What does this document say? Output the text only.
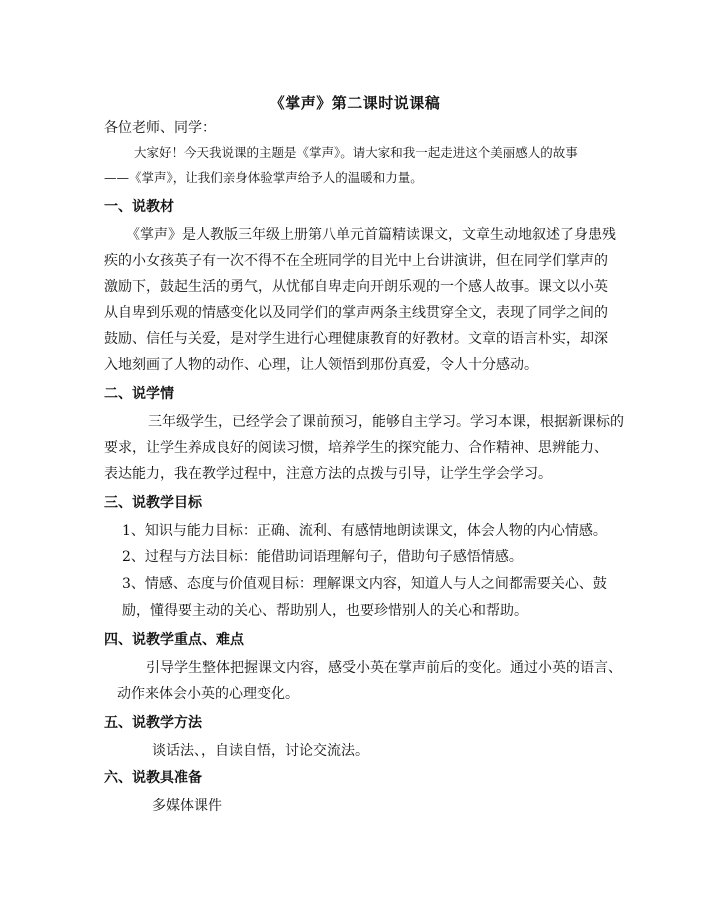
《掌声》第二课时说课稿
各位老师、同学：
大家好！今天我说课的主题是《掌声》。请大家和我一起走进这个美丽感人的故事
——《掌声》，让我们亲身体验掌声给予人的温暖和力量。
一、说教材
《掌声》是人教版三年级上册第八单元首篇精读课文，文章生动地叙述了身患残
疾的小女孩英子有一次不得不在全班同学的目光中上台讲演讲，但在同学们掌声的
激励下，鼓起生活的勇气，从忧郁自卑走向开朗乐观的一个感人故事。课文以小英
从自卑到乐观的情感变化以及同学们的掌声两条主线贯穿全文，表现了同学之间的
鼓励、信任与关爱，是对学生进行心理健康教育的好教材。文章的语言朴实，却深
入地刻画了人物的动作、心理，让人领悟到那份真爱，令人十分感动。
二、说学情
三年级学生，已经学会了课前预习，能够自主学习。学习本课，根据新课标的
要求，让学生养成良好的阅读习惯，培养学生的探究能力、合作精神、思辨能力、
表达能力，我在教学过程中，注意方法的点拨与引导，让学生学会学习。
三、说教学目标
1、知识与能力目标：正确、流利、有感情地朗读课文，体会人物的内心情感。
2、过程与方法目标：能借助词语理解句子，借助句子感悟情感。
3、情感、态度与价值观目标：理解课文内容，知道人与人之间都需要关心、鼓
励，懂得要主动的关心、帮助别人，也要珍惜别人的关心和帮助。
四、说教学重点、难点
引导学生整体把握课文内容，感受小英在掌声前后的变化。通过小英的语言、
动作来体会小英的心理变化。
五、说教学方法
谈话法、，自读自悟，讨论交流法。
六、说教具准备
多媒体课件
